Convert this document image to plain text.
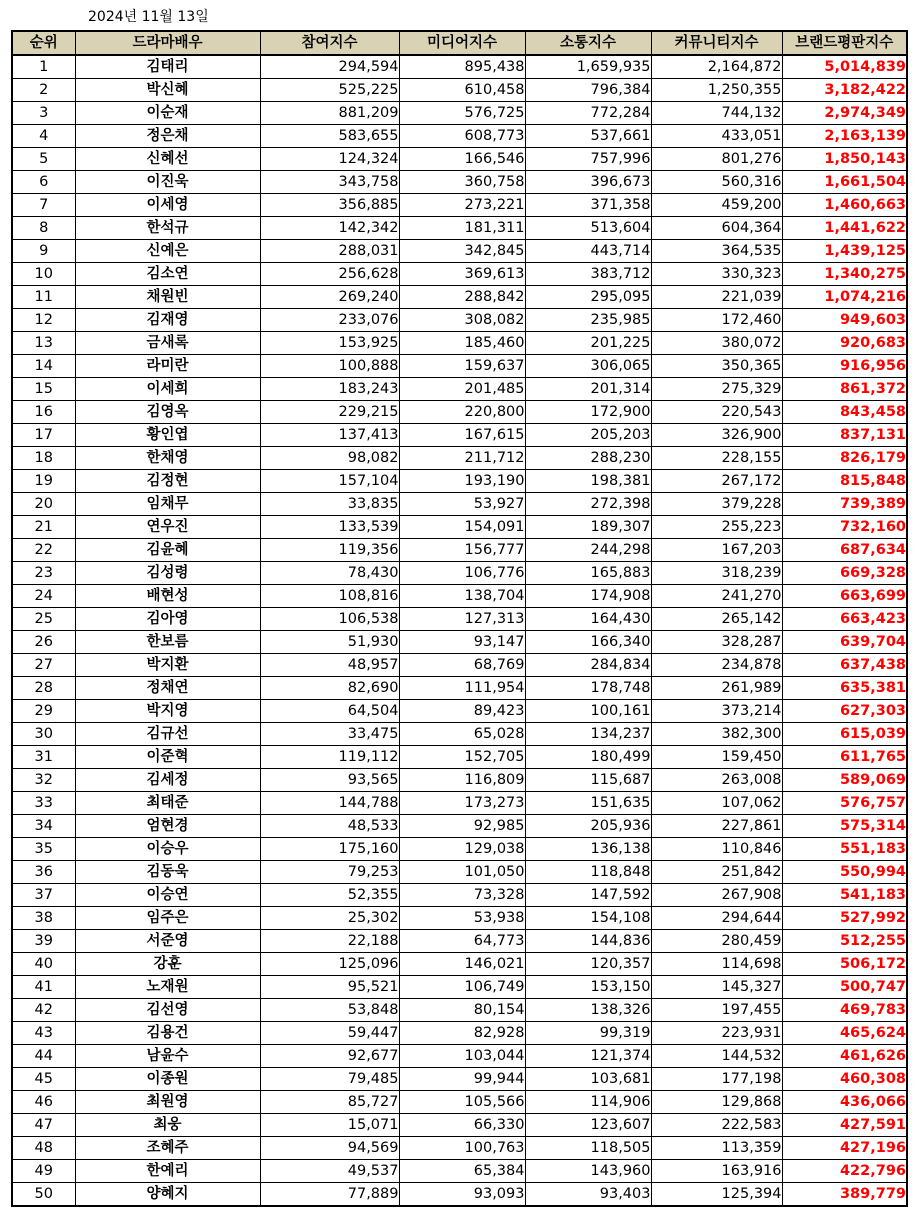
2024년 11월 13일
순위	드라마배우	참여지수	미디어지수	소통지수	커뮤니티지수	브랜드평판지수
1	김태리	294,594	895,438	1,659,935	2,164,872	5,014,839
2	박신혜	525,225	610,458	796,384	1,250,355	3,182,422
3	이순재	881,209	576,725	772,284	744,132	2,974,349
4	정은채	583,655	608,773	537,661	433,051	2,163,139
5	신혜선	124,324	166,546	757,996	801,276	1,850,143
6	이진욱	343,758	360,758	396,673	560,316	1,661,504
7	이세영	356,885	273,221	371,358	459,200	1,460,663
8	한석규	142,342	181,311	513,604	604,364	1,441,622
9	신예은	288,031	342,845	443,714	364,535	1,439,125
10	김소연	256,628	369,613	383,712	330,323	1,340,275
11	채원빈	269,240	288,842	295,095	221,039	1,074,216
12	김재영	233,076	308,082	235,985	172,460	949,603
13	금새록	153,925	185,460	201,225	380,072	920,683
14	라미란	100,888	159,637	306,065	350,365	916,956
15	이세희	183,243	201,485	201,314	275,329	861,372
16	김영옥	229,215	220,800	172,900	220,543	843,458
17	황인엽	137,413	167,615	205,203	326,900	837,131
18	한채영	98,082	211,712	288,230	228,155	826,179
19	김정현	157,104	193,190	198,381	267,172	815,848
20	임채무	33,835	53,927	272,398	379,228	739,389
21	연우진	133,539	154,091	189,307	255,223	732,160
22	김윤혜	119,356	156,777	244,298	167,203	687,634
23	김성령	78,430	106,776	165,883	318,239	669,328
24	배현성	108,816	138,704	174,908	241,270	663,699
25	김아영	106,538	127,313	164,430	265,142	663,423
26	한보름	51,930	93,147	166,340	328,287	639,704
27	박지환	48,957	68,769	284,834	234,878	637,438
28	정채연	82,690	111,954	178,748	261,989	635,381
29	박지영	64,504	89,423	100,161	373,214	627,303
30	김규선	33,475	65,028	134,237	382,300	615,039
31	이준혁	119,112	152,705	180,499	159,450	611,765
32	김세정	93,565	116,809	115,687	263,008	589,069
33	최태준	144,788	173,273	151,635	107,062	576,757
34	엄현경	48,533	92,985	205,936	227,861	575,314
35	이승우	175,160	129,038	136,138	110,846	551,183
36	김동욱	79,253	101,050	118,848	251,842	550,994
37	이승연	52,355	73,328	147,592	267,908	541,183
38	임주은	25,302	53,938	154,108	294,644	527,992
39	서준영	22,188	64,773	144,836	280,459	512,255
40	강훈	125,096	146,021	120,357	114,698	506,172
41	노재원	95,521	106,749	153,150	145,327	500,747
42	김선영	53,848	80,154	138,326	197,455	469,783
43	김용건	59,447	82,928	99,319	223,931	465,624
44	남윤수	92,677	103,044	121,374	144,532	461,626
45	이종원	79,485	99,944	103,681	177,198	460,308
46	최원영	85,727	105,566	114,906	129,868	436,066
47	최웅	15,071	66,330	123,607	222,583	427,591
48	조혜주	94,569	100,763	118,505	113,359	427,196
49	한예리	49,537	65,384	143,960	163,916	422,796
50	양혜지	77,889	93,093	93,403	125,394	389,779
